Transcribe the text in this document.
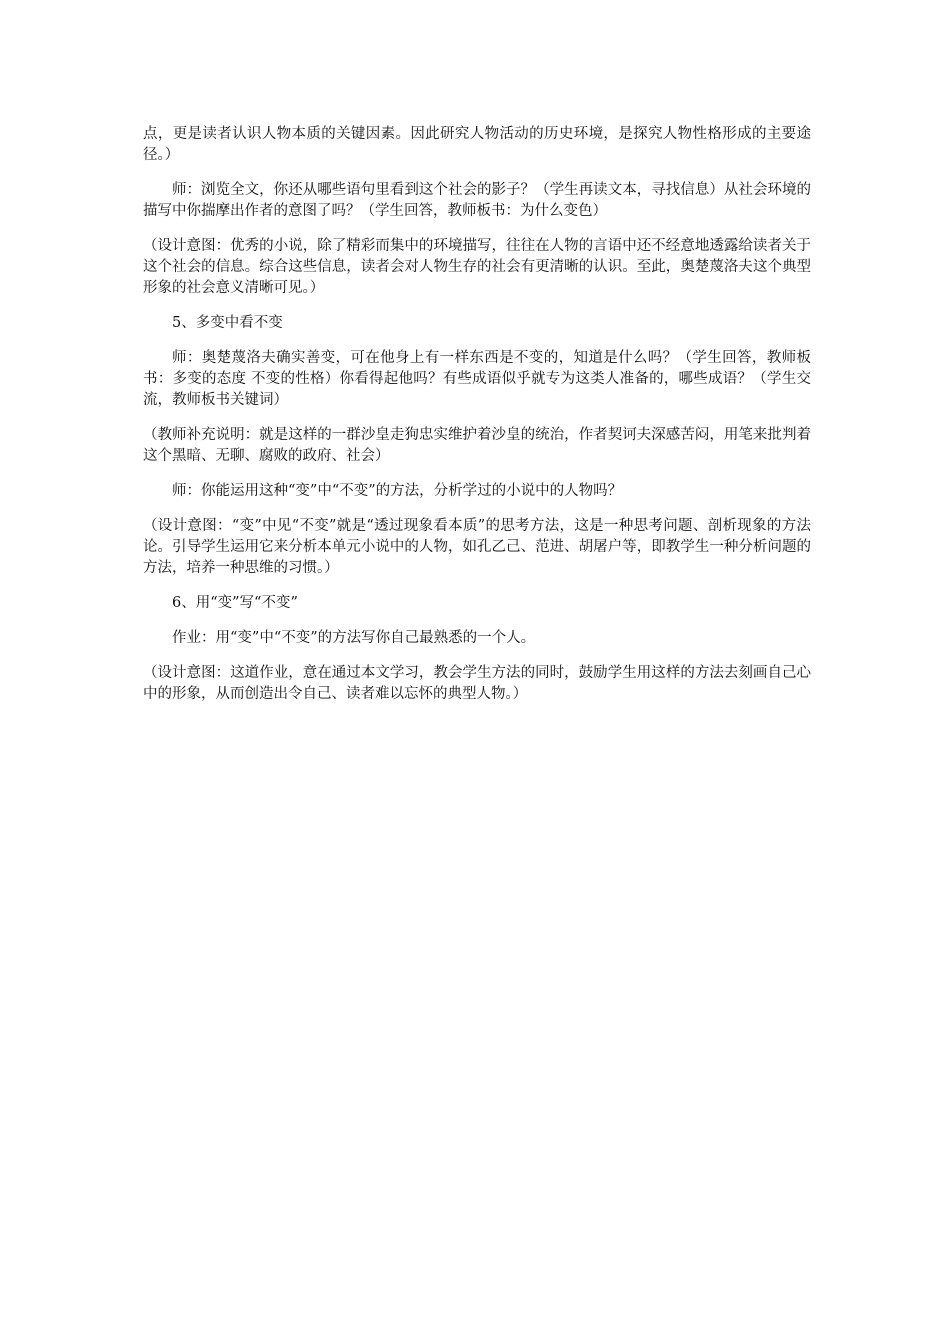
点，更是读者认识人物本质的关键因素。因此研究人物活动的历史环境，是探究人物性格形成的主要途径。）

师：浏览全文，你还从哪些语句里看到这个社会的影子？（学生再读文本，寻找信息）从社会环境的描写中你揣摩出作者的意图了吗？（学生回答，教师板书：为什么变色）

（设计意图：优秀的小说，除了精彩而集中的环境描写，往往在人物的言语中还不经意地透露给读者关于这个社会的信息。综合这些信息，读者会对人物生存的社会有更清晰的认识。至此，奥楚蔑洛夫这个典型形象的社会意义清晰可见。）

5、多变中看不变

师：奥楚蔑洛夫确实善变，可在他身上有一样东西是不变的，知道是什么吗？（学生回答，教师板书：多变的态度 不变的性格）你看得起他吗？有些成语似乎就专为这类人准备的，哪些成语？（学生交流，教师板书关键词）

（教师补充说明：就是这样的一群沙皇走狗忠实维护着沙皇的统治，作者契诃夫深感苦闷，用笔来批判着这个黑暗、无聊、腐败的政府、社会）

师：你能运用这种“变”中“不变”的方法，分析学过的小说中的人物吗？

（设计意图：“变”中见“不变”就是“透过现象看本质”的思考方法，这是一种思考问题、剖析现象的方法论。引导学生运用它来分析本单元小说中的人物，如孔乙己、范进、胡屠户等，即教学生一种分析问题的方法，培养一种思维的习惯。）

6、用“变”写“不变”

作业：用“变”中“不变”的方法写你自己最熟悉的一个人。

（设计意图：这道作业，意在通过本文学习，教会学生方法的同时，鼓励学生用这样的方法去刻画自己心中的形象，从而创造出令自己、读者难以忘怀的典型人物。）
